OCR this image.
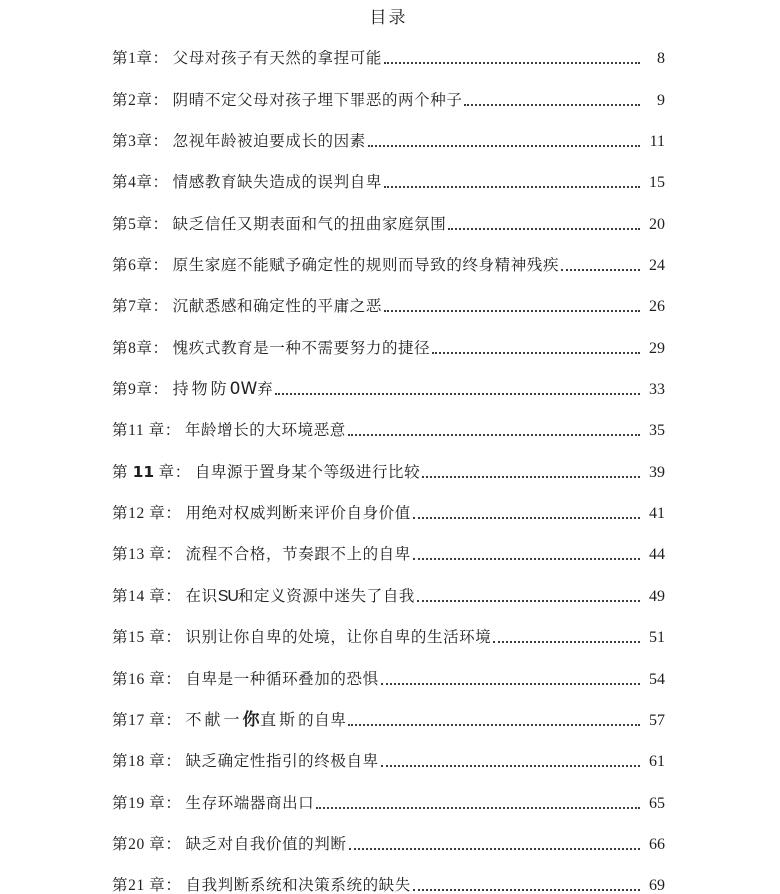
目录
第1章： 父母对孩子有天然的拿捏可能	8
第2章： 阴晴不定父母对孩子埋下罪恶的两个种子	9
第3章： 忽视年龄被迫要成长的因素	11
第4章： 情感教育缺失造成的误判自卑	15
第5章： 缺乏信任又期表面和气的扭曲家庭氛围	20
第6章： 原生家庭不能赋予确定性的规则而导致的终身精神残疾	24
第7章： 沉献悉感和确定性的平庸之恶	26
第8章： 愧疚式教育是一种不需要努力的捷径	29
第9章： 持物防0W弃	33
第11 章： 年龄增长的大环境恶意	35
第 11 章： 自卑源于置身某个等级进行比较	39
第12 章： 用绝对权威判断来评价自身价值	41
第13 章： 流程不合格，节奏跟不上的自卑	44
第14 章： 在识SU和定义资源中迷失了自我	49
第15 章： 识别让你自卑的处境，让你自卑的生活环境	51
第16 章： 自卑是一种循环叠加的恐惧	54
第17 章： 不献一你直斯的自卑	57
第18 章： 缺乏确定性指引的终极自卑	61
第19 章： 生存环端器商出口	65
第20 章： 缺乏对自我价值的判断	66
第21 章： 自我判断系统和决策系统的缺失	69
